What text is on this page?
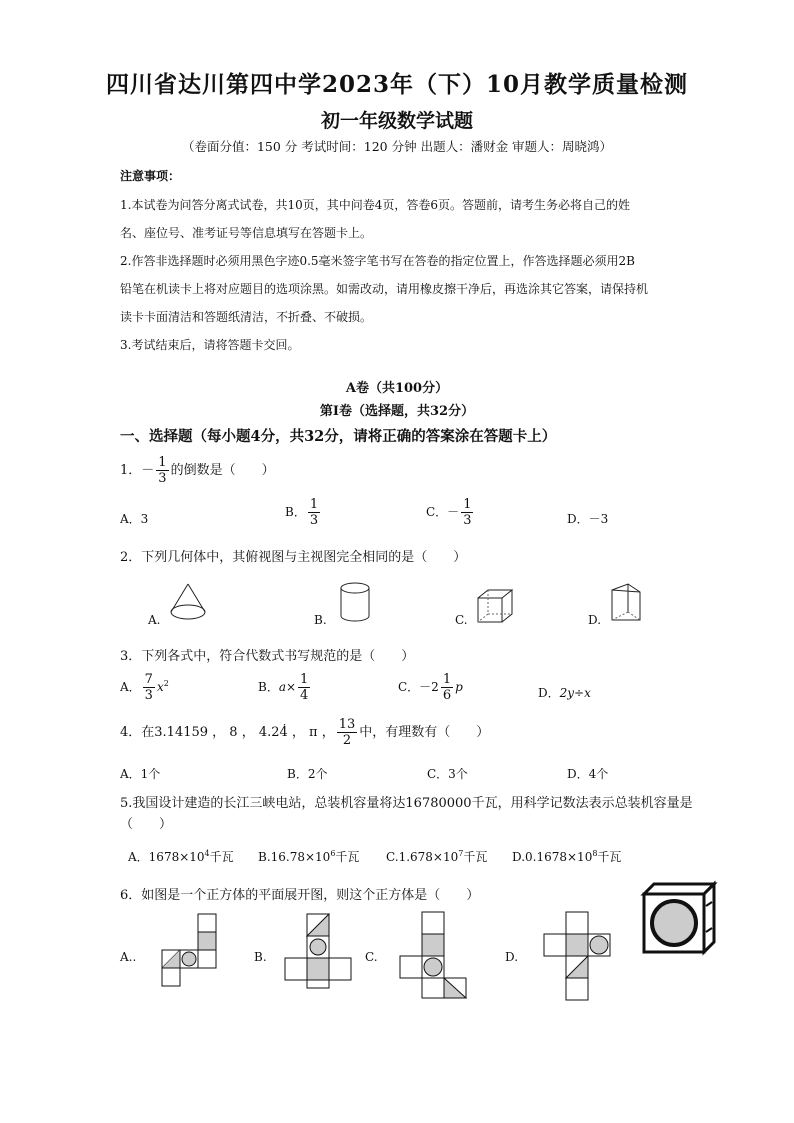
四川省达川第四中学2023年（下）10月教学质量检测
初一年级数学试题
（卷面分值：150 分 考试时间：120 分钟 出题人：潘财金 审题人：周晓鸿）
注意事项：
1.本试卷为问答分离式试卷，共10页，其中问卷4页，答卷6页。答题前，请考生务必将自己的姓
名、座位号、准考证号等信息填写在答题卡上。
2.作答非选择题时必须用黑色字迹0.5毫米签字笔书写在答卷的指定位置上，作答选择题必须用2B
铅笔在机读卡上将对应题目的选项涂黑。如需改动，请用橡皮擦干净后，再选涂其它答案，请保持机
读卡卡面清洁和答题纸清洁，不折叠、不破损。
3.考试结束后，请将答题卡交回。
A卷（共100分）
第Ⅰ卷（选择题，共32分）
一、选择题（每小题4分，共32分，请将正确的答案涂在答题卡上）
1．－ $\frac{1}{3}$ 的倒数是（　　）
A．3	B． $\frac{1}{3}$	C．－ $\frac{1}{3}$	D．－3
2．下列几何体中，其俯视图与主视图完全相同的是（　　）
A.	B.	C.	D.
3．下列各式中，符合代数式书写规范的是（　　）
A． $\frac{7}{3} x^2$	B．$a\times \frac{1}{4}$	C．$-2 \frac{1}{6}$ p	D．2y÷x
4．在3.14159 ， 8 ， 4.24̇̇ ， π ， $\frac{13}{2}$ 中，有理数有（　　）
A．1个	B．2个	C．3个	D．4个
5.我国设计建造的长江三峡电站，总装机容量将达16780000千瓦，用科学记数法表示总装机容量是
（　　）
A．$1678\times 10^4$千瓦 $B.16.78\times 10^6$千瓦 $C.1.678\times 10^7$千瓦 $D.0.1678\times 10^8$千瓦
6．如图是一个正方体的平面展开图，则这个正方体是（　　）
A..	B.	C.	D.
